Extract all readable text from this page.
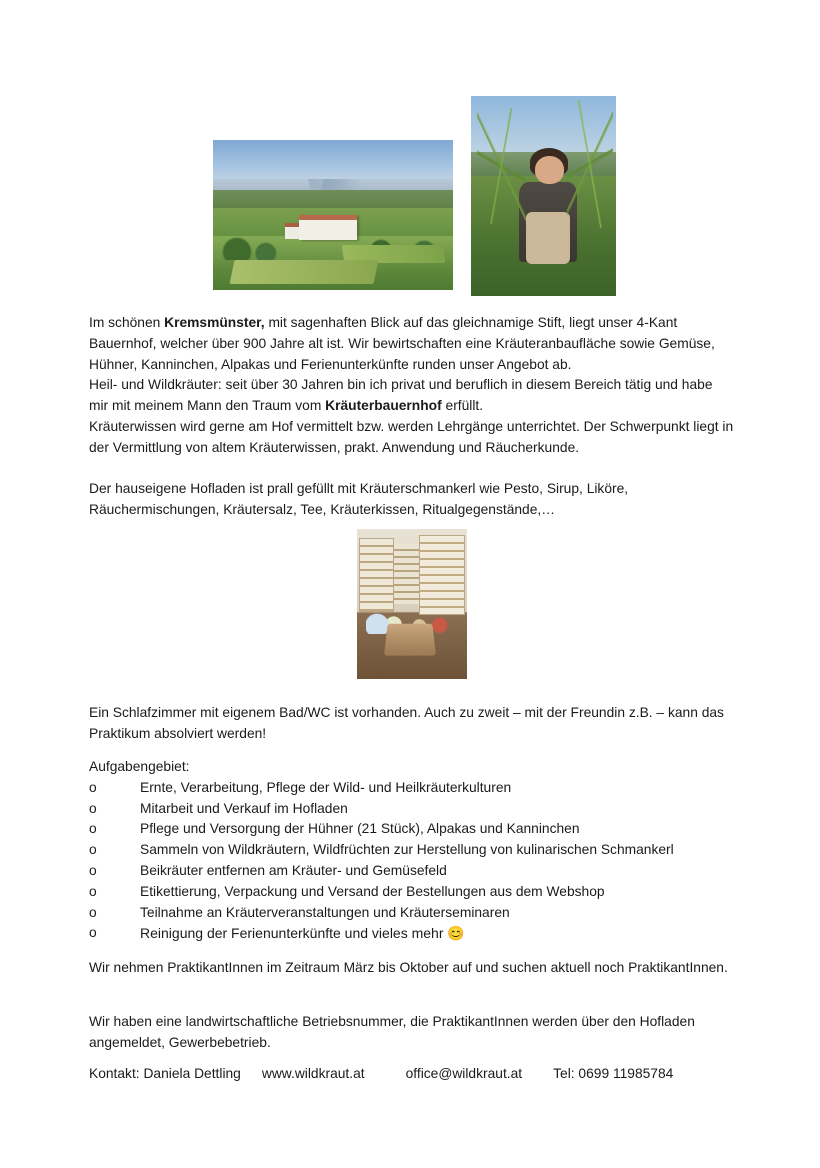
Im schönen Kremsmünster, mit sagenhaften Blick auf das gleichnamige Stift, liegt unser 4-Kant Bauernhof, welcher über 900 Jahre alt ist. Wir bewirtschaften eine Kräuteranbaufläche sowie Gemüse, Hühner, Kanninchen, Alpakas und Ferienunterkünfte runden unser Angebot ab.

Heil- und Wildkräuter: seit über 30 Jahren bin ich privat und beruflich in diesem Bereich tätig und habe mir mit meinem Mann den Traum vom Kräuterbauernhof erfüllt.

Kräuterwissen wird gerne am Hof vermittelt bzw. werden Lehrgänge unterrichtet. Der Schwerpunkt liegt in der Vermittlung von altem Kräuterwissen, prakt. Anwendung und Räucherkunde.

Der hauseigene Hofladen ist prall gefüllt mit Kräuterschmankerl wie Pesto, Sirup, Liköre, Räuchermischungen, Kräutersalz, Tee, Kräuterkissen, Ritualgegenstände,…

Ein Schlafzimmer mit eigenem Bad/WC ist vorhanden. Auch zu zweit – mit der Freundin z.B. – kann das Praktikum absolviert werden!

Aufgabengebiet:

o	Ernte, Verarbeitung, Pflege der Wild- und Heilkräuterkulturen
o	Mitarbeit und Verkauf im Hofladen
o	Pflege und Versorgung der Hühner (21 Stück), Alpakas und Kanninchen
o	Sammeln von Wildkräutern, Wildfrüchten zur Herstellung von kulinarischen Schmankerl
o	Beikräuter entfernen am Kräuter- und Gemüsefeld
o	Etikettierung, Verpackung und Versand der Bestellungen aus dem Webshop
o	Teilnahme an Kräuterveranstaltungen und Kräuterseminaren
o	Reinigung der Ferienunterkünfte und vieles mehr 😊

Wir nehmen PraktikantInnen im Zeitraum März bis Oktober auf und suchen aktuell noch PraktikantInnen.

Wir haben eine landwirtschaftliche Betriebsnummer, die PraktikantInnen werden über den Hofladen angemeldet, Gewerbebetrieb.

Kontakt: Daniela Dettling www.wildkraut.at	office@wildkraut.at Tel: 0699 11985784
